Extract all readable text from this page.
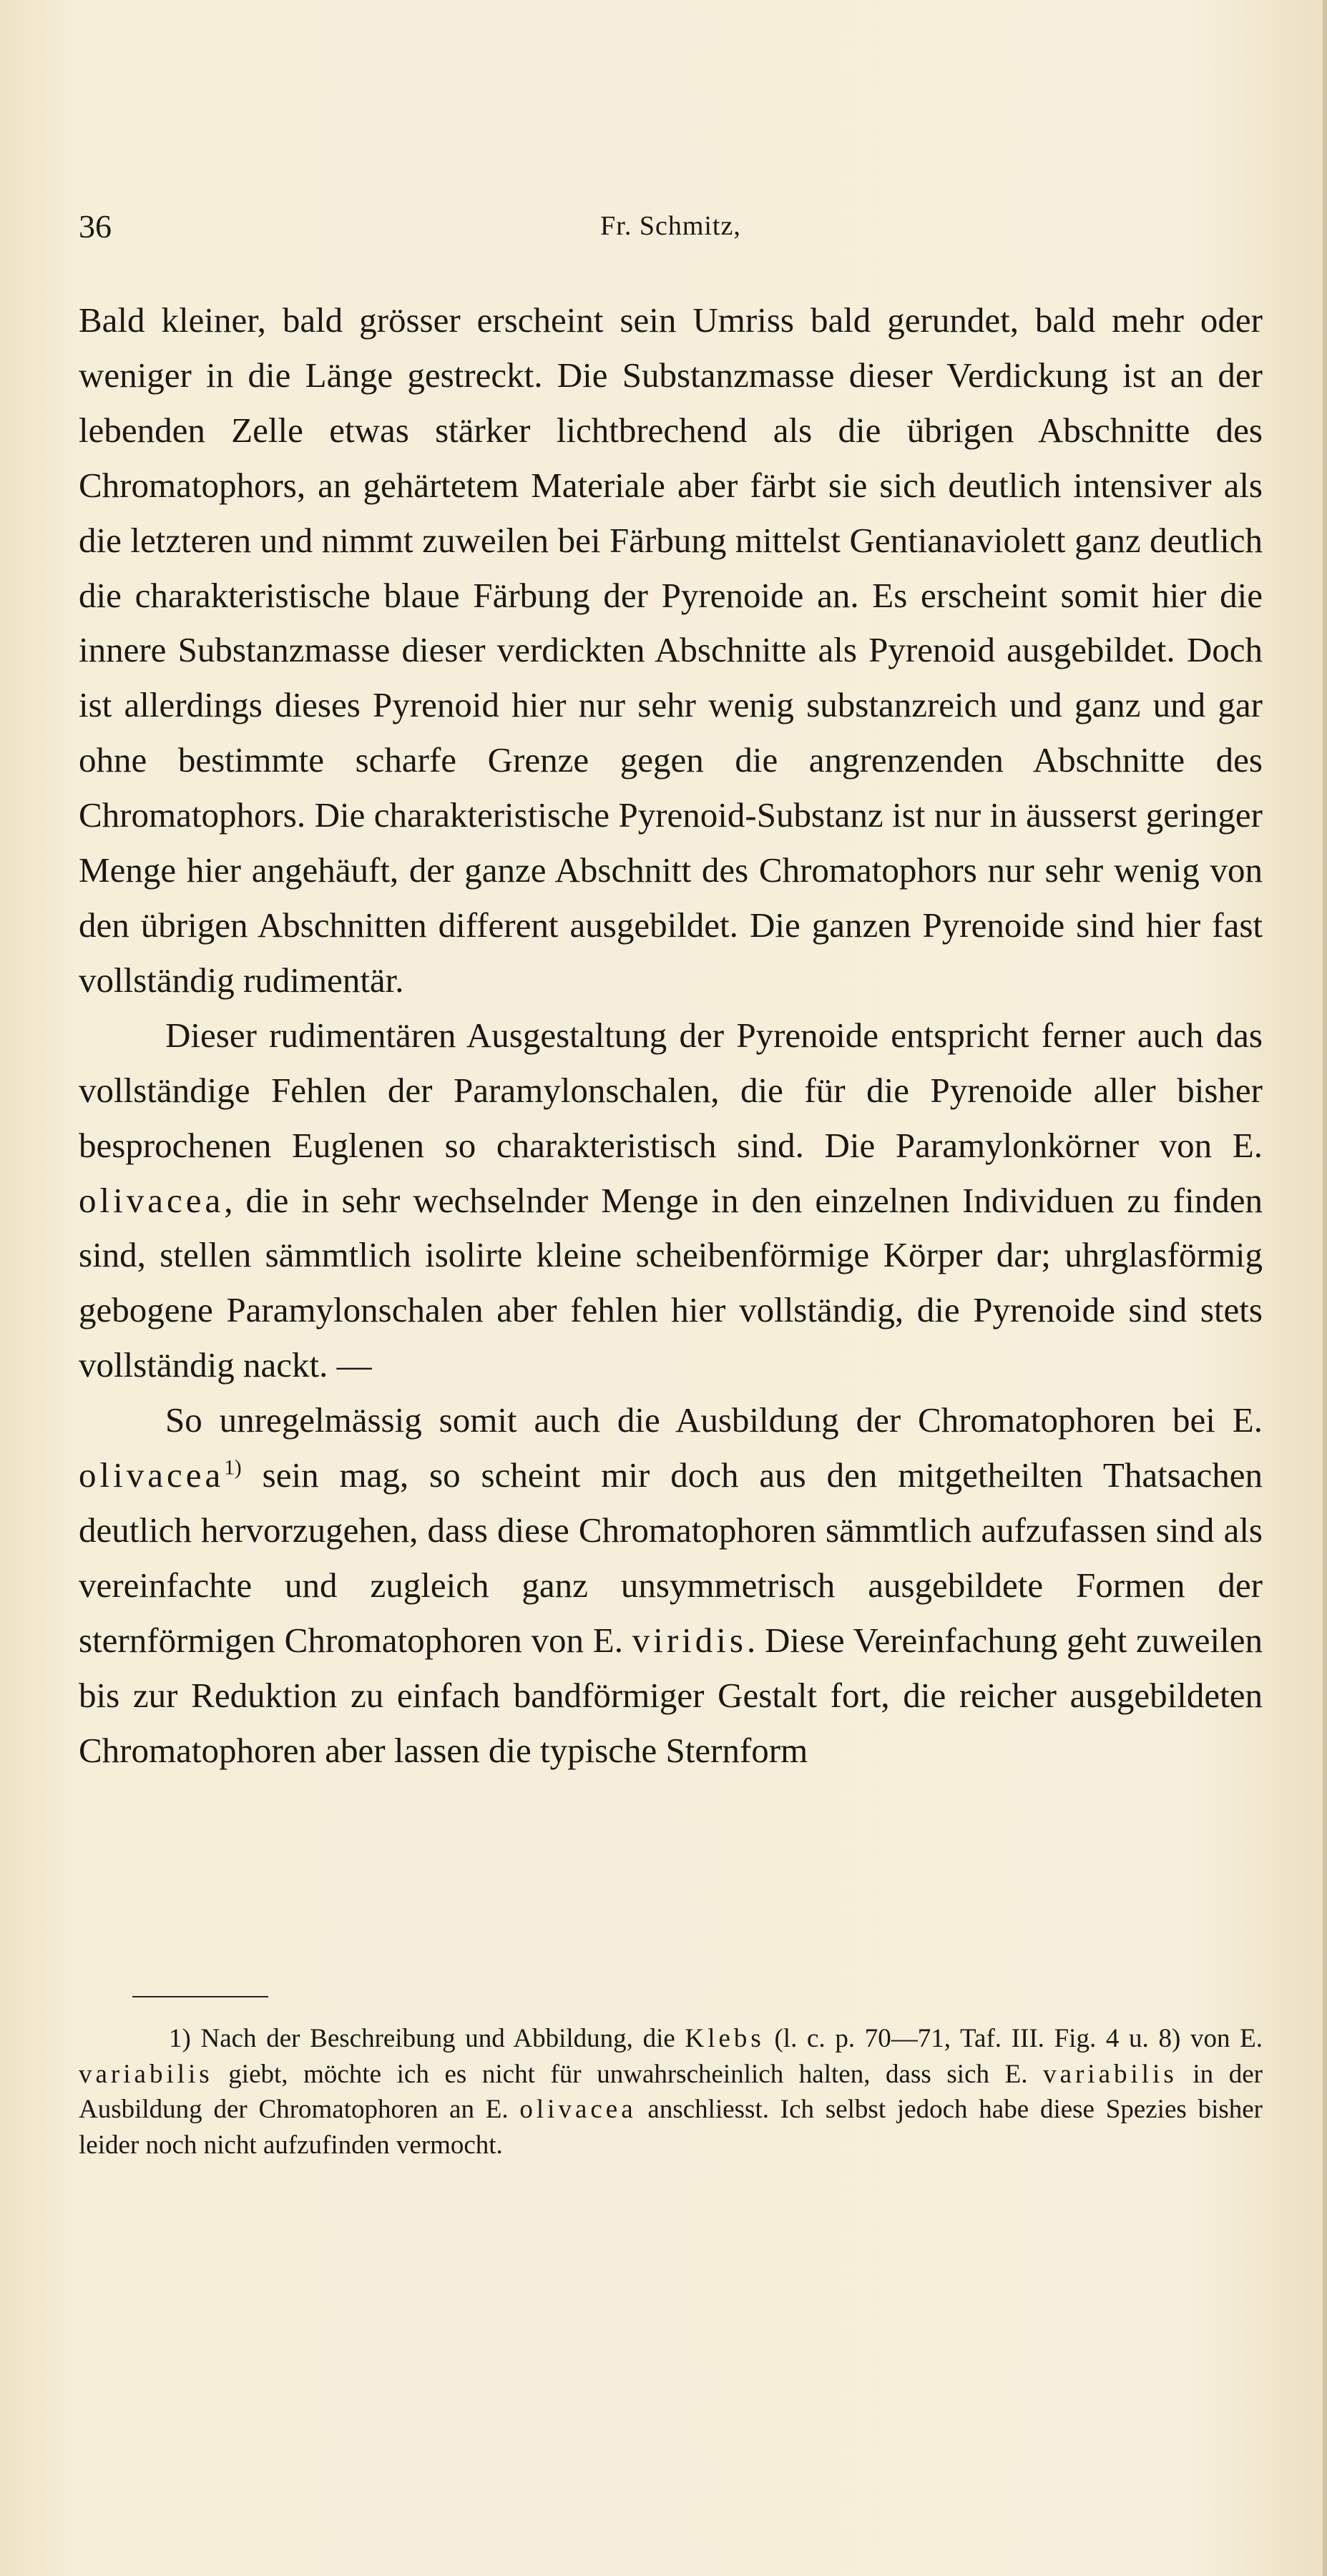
36	Fr. Schmitz,

Bald kleiner, bald grösser erscheint sein Umriss bald gerundet, bald mehr oder weniger in die Länge gestreckt. Die Substanzmasse dieser Verdickung ist an der lebenden Zelle etwas stärker lichtbrechend als die übrigen Abschnitte des Chromatophors, an gehärtetem Materiale aber färbt sie sich deutlich intensiver als die letzteren und nimmt zuweilen bei Färbung mittelst Gentianaviolett ganz deutlich die charakteristische blaue Färbung der Pyrenoide an. Es erscheint somit hier die innere Substanzmasse dieser verdickten Abschnitte als Pyrenoid ausgebildet. Doch ist allerdings dieses Pyrenoid hier nur sehr wenig substanzreich und ganz und gar ohne bestimmte scharfe Grenze gegen die angrenzenden Abschnitte des Chromatophors. Die charakteristische Pyrenoid-Substanz ist nur in äusserst geringer Menge hier angehäuft, der ganze Abschnitt des Chromatophors nur sehr wenig von den übrigen Abschnitten different ausgebildet. Die ganzen Pyrenoide sind hier fast vollständig rudimentär.

Dieser rudimentären Ausgestaltung der Pyrenoide entspricht ferner auch das vollständige Fehlen der Paramylonschalen, die für die Pyrenoide aller bisher besprochenen Euglenen so charakteristisch sind. Die Paramylonkörner von E. olivacea, die in sehr wechselnder Menge in den einzelnen Individuen zu finden sind, stellen sämmtlich isolirte kleine scheibenförmige Körper dar; uhrglasförmig gebogene Paramylonschalen aber fehlen hier vollständig, die Pyrenoide sind stets vollständig nackt. —

So unregelmässig somit auch die Ausbildung der Chromatophoren bei E. olivacea$^{1)}$ sein mag, so scheint mir doch aus den mitgetheilten Thatsachen deutlich hervorzugehen, dass diese Chromatophoren sämmtlich aufzufassen sind als vereinfachte und zugleich ganz unsymmetrisch ausgebildete Formen der sternförmigen Chromatophoren von E. viridis. Diese Vereinfachung geht zuweilen bis zur Reduktion zu einfach bandförmiger Gestalt fort, die reicher ausgebildeten Chromatophoren aber lassen die typische Sternform

1) Nach der Beschreibung und Abbildung, die Klebs (l. c. p. 70—71, Taf. III. Fig. 4 u. 8) von E. variabilis giebt, möchte ich es nicht für unwahrscheinlich halten, dass sich E. variabilis in der Ausbildung der Chromatophoren an E. olivacea anschliesst. Ich selbst jedoch habe diese Spezies bisher leider noch nicht aufzufinden vermocht.
